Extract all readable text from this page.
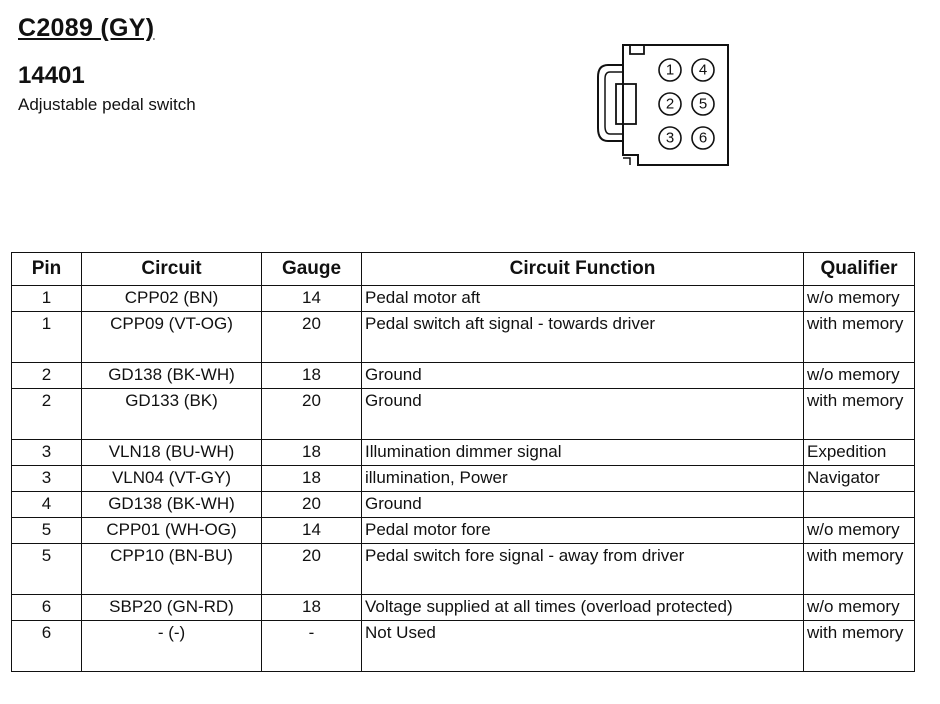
C2089 (GY)
14401

Adjustable pedal switch

1 4
2 5
3 6
Pin	Circuit	Gauge	Circuit Function	Qualifier
1	CPP02 (BN)	14	Pedal motor aft	w/o memory
1	CPP09 (VT-OG)	20	Pedal switch aft signal - towards driver	with memory
2	GD138 (BK-WH)	18	Ground	w/o memory
2	GD133 (BK)	20	Ground	with memory
3	VLN18 (BU-WH)	18	Illumination dimmer signal	Expedition
3	VLN04 (VT-GY)	18	illumination, Power	Navigator
4	GD138 (BK-WH)	20	Ground	
5	CPP01 (WH-OG)	14	Pedal motor fore	w/o memory
5	CPP10 (BN-BU)	20	Pedal switch fore signal - away from driver	with memory
6	SBP20 (GN-RD)	18	Voltage supplied at all times (overload protected)	w/o memory
6	- (-)	-	Not Used	with memory
